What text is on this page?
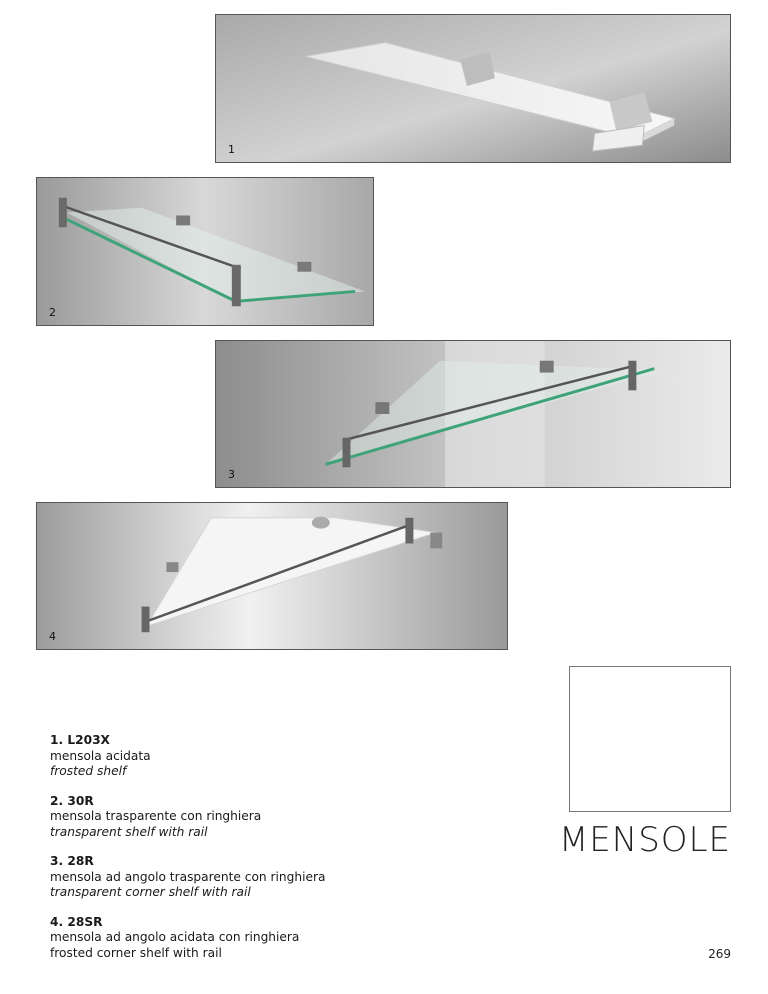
1
2
3
4
1. L203X
mensola acidata
frosted shelf
2. 30R
mensola trasparente con ringhiera
transparent shelf with rail
3. 28R
mensola ad angolo trasparente con ringhiera
transparent corner shelf with rail
4. 28SR
mensola ad angolo acidata con ringhiera
frosted corner shelf with rail
MENSOLE
269
